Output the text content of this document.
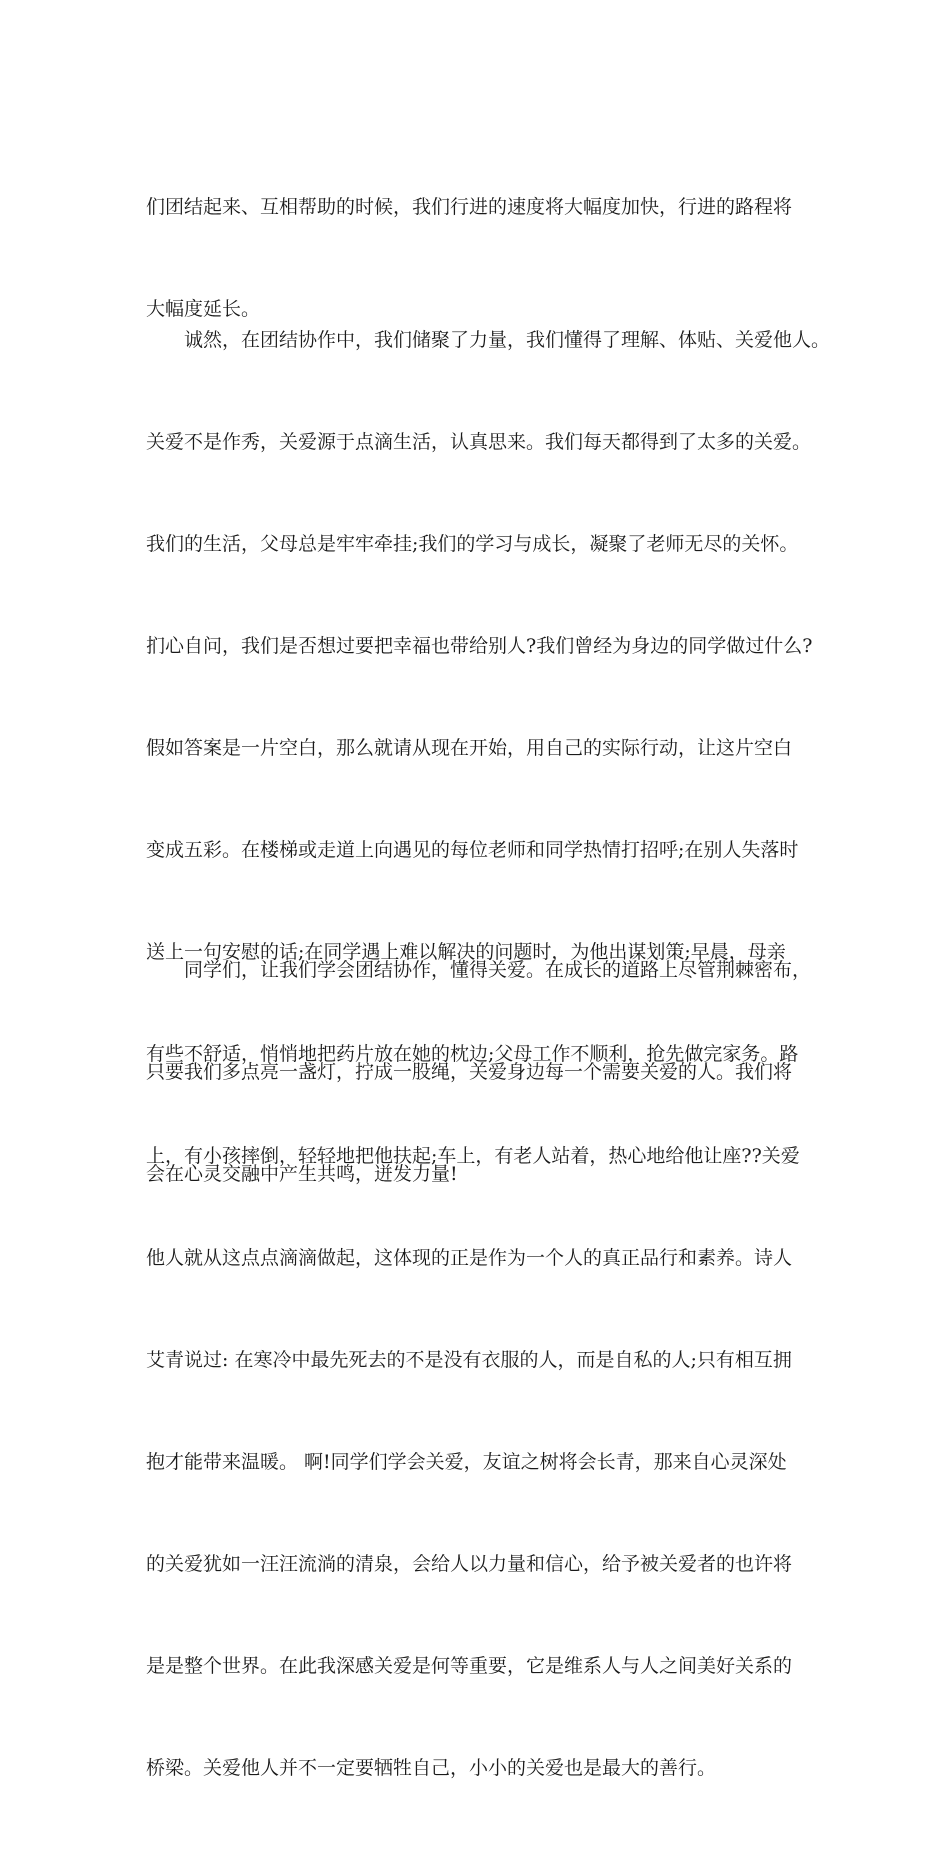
们团结起来、互相帮助的时候，我们行进的速度将大幅度加快，行进的路程将

大幅度延长。

　　诚然，在团结协作中，我们储聚了力量，我们懂得了理解、体贴、关爱他人。

关爱不是作秀，关爱源于点滴生活，认真思来。我们每天都得到了太多的关爱。

我们的生活，父母总是牢牢牵挂;我们的学习与成长，凝聚了老师无尽的关怀。

扪心自问，我们是否想过要把幸福也带给别人?我们曾经为身边的同学做过什么?

假如答案是一片空白，那么就请从现在开始，用自己的实际行动，让这片空白

变成五彩。在楼梯或走道上向遇见的每位老师和同学热情打招呼;在别人失落时

送上一句安慰的话;在同学遇上难以解决的问题时，为他出谋划策;早晨，母亲

有些不舒适，悄悄地把药片放在她的枕边;父母工作不顺利，抢先做完家务。路

上，有小孩摔倒，轻轻地把他扶起;车上，有老人站着，热心地给他让座??关爱

他人就从这点点滴滴做起，这体现的正是作为一个人的真正品行和素养。诗人

艾青说过: 在寒冷中最先死去的不是没有衣服的人，而是自私的人;只有相互拥

抱才能带来温暖。 啊!同学们学会关爱，友谊之树将会长青，那来自心灵深处

的关爱犹如一汪汪流淌的清泉，会给人以力量和信心，给予被关爱者的也许将

是是整个世界。在此我深感关爱是何等重要，它是维系人与人之间美好关系的

桥梁。关爱他人并不一定要牺牲自己，小小的关爱也是最大的善行。

　　同学们，让我们学会团结协作，懂得关爱。在成长的道路上尽管荆棘密布，

只要我们多点亮一盏灯，拧成一股绳，关爱身边每一个需要关爱的人。我们将

会在心灵交融中产生共鸣，迸发力量!
